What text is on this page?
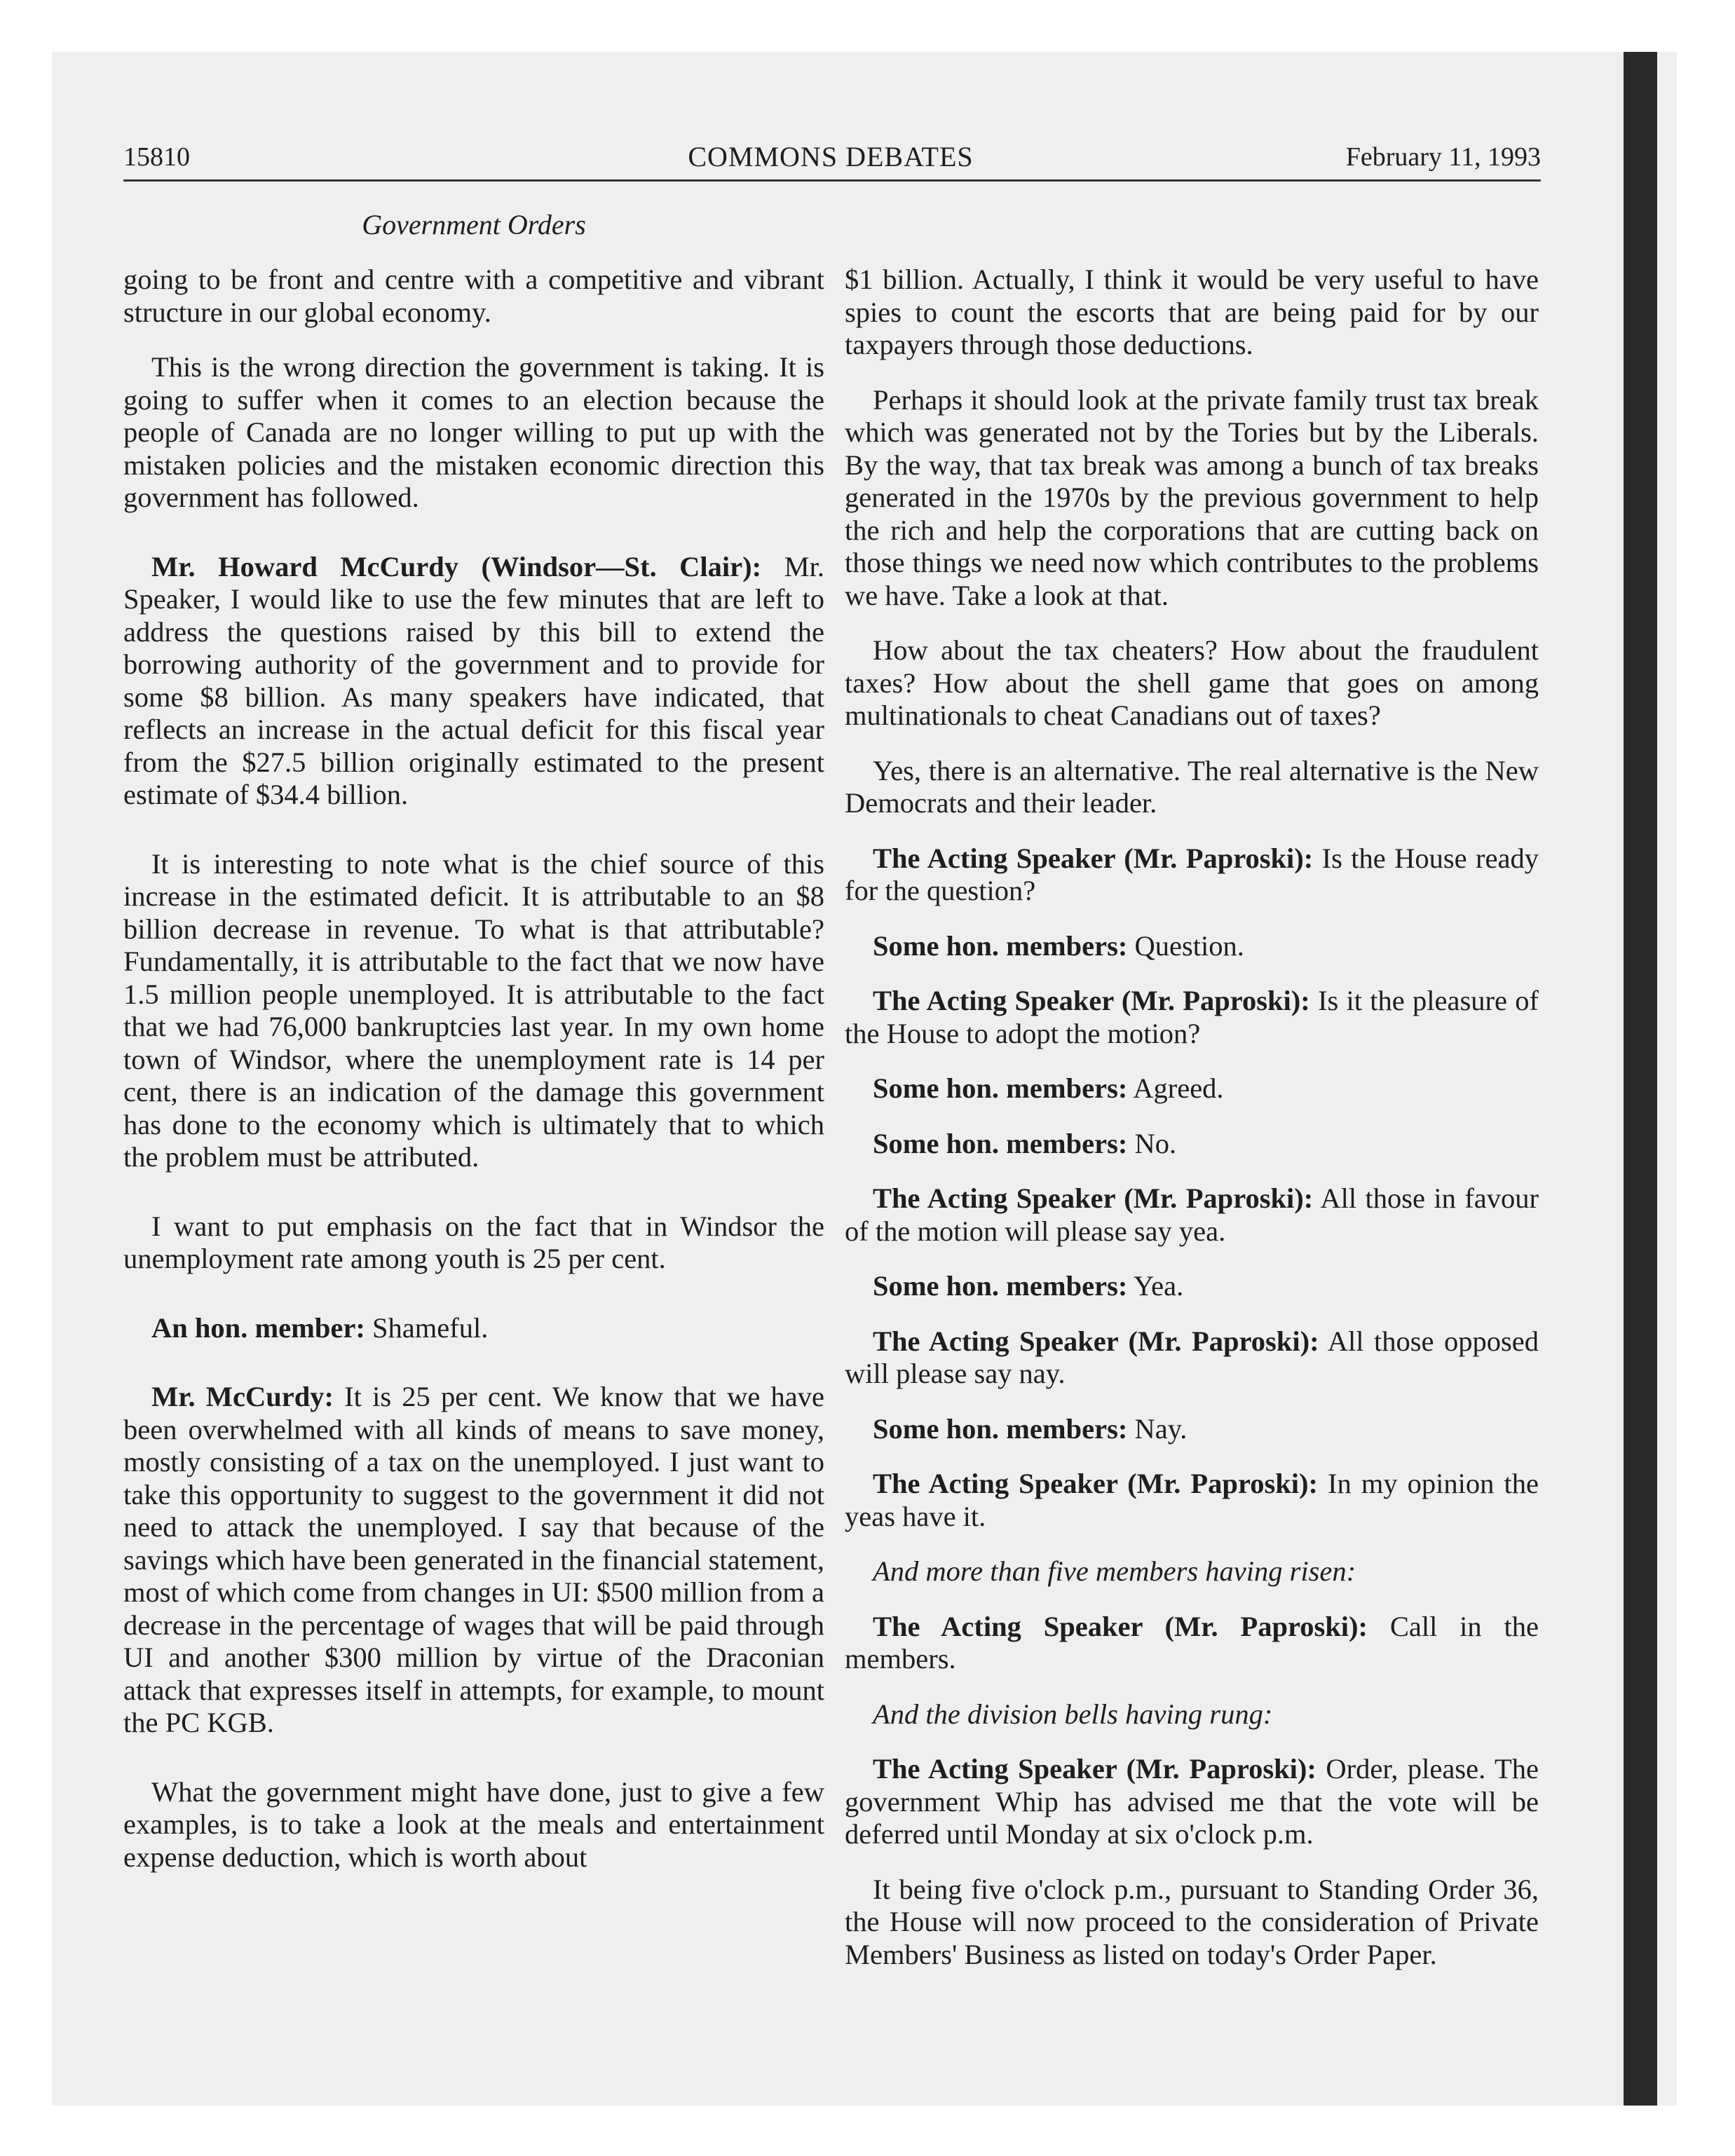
15810	COMMONS DEBATES	February 11, 1993
Government Orders

going to be front and centre with a competitive and vibrant structure in our global economy.

This is the wrong direction the government is taking. It is going to suffer when it comes to an election because the people of Canada are no longer willing to put up with the mistaken policies and the mistaken economic direction this government has followed.

Mr. Howard McCurdy (Windsor—St. Clair): Mr. Speaker, I would like to use the few minutes that are left to address the questions raised by this bill to extend the borrowing authority of the government and to provide for some $8 billion. As many speakers have indicated, that reflects an increase in the actual deficit for this fiscal year from the $27.5 billion originally estimated to the present estimate of $34.4 billion.

It is interesting to note what is the chief source of this increase in the estimated deficit. It is attributable to an $8 billion decrease in revenue. To what is that attributable? Fundamentally, it is attributable to the fact that we now have 1.5 million people unemployed. It is attributable to the fact that we had 76,000 bankruptcies last year. In my own home town of Windsor, where the unemployment rate is 14 per cent, there is an indication of the damage this government has done to the economy which is ultimately that to which the problem must be attributed.

I want to put emphasis on the fact that in Windsor the unemployment rate among youth is 25 per cent.

An hon. member: Shameful.

Mr. McCurdy: It is 25 per cent. We know that we have been overwhelmed with all kinds of means to save money, mostly consisting of a tax on the unemployed. I just want to take this opportunity to suggest to the government it did not need to attack the unemployed. I say that because of the savings which have been generated in the financial statement, most of which come from changes in UI: $500 million from a decrease in the percentage of wages that will be paid through UI and another $300 million by virtue of the Draconian attack that expresses itself in attempts, for example, to mount the PC KGB.

What the government might have done, just to give a few examples, is to take a look at the meals and entertainment expense deduction, which is worth about

$1 billion. Actually, I think it would be very useful to have spies to count the escorts that are being paid for by our taxpayers through those deductions.

Perhaps it should look at the private family trust tax break which was generated not by the Tories but by the Liberals. By the way, that tax break was among a bunch of tax breaks generated in the 1970s by the previous government to help the rich and help the corporations that are cutting back on those things we need now which contributes to the problems we have. Take a look at that.

How about the tax cheaters? How about the fraudulent taxes? How about the shell game that goes on among multinationals to cheat Canadians out of taxes?

Yes, there is an alternative. The real alternative is the New Democrats and their leader.

The Acting Speaker (Mr. Paproski): Is the House ready for the question?

Some hon. members: Question.

The Acting Speaker (Mr. Paproski): Is it the pleasure of the House to adopt the motion?

Some hon. members: Agreed.

Some hon. members: No.

The Acting Speaker (Mr. Paproski): All those in favour of the motion will please say yea.

Some hon. members: Yea.

The Acting Speaker (Mr. Paproski): All those opposed will please say nay.

Some hon. members: Nay.

The Acting Speaker (Mr. Paproski): In my opinion the yeas have it.

And more than five members having risen:

The Acting Speaker (Mr. Paproski): Call in the members.

And the division bells having rung:

The Acting Speaker (Mr. Paproski): Order, please. The government Whip has advised me that the vote will be deferred until Monday at six o'clock p.m.

It being five o'clock p.m., pursuant to Standing Order 36, the House will now proceed to the consideration of Private Members' Business as listed on today's Order Paper.
